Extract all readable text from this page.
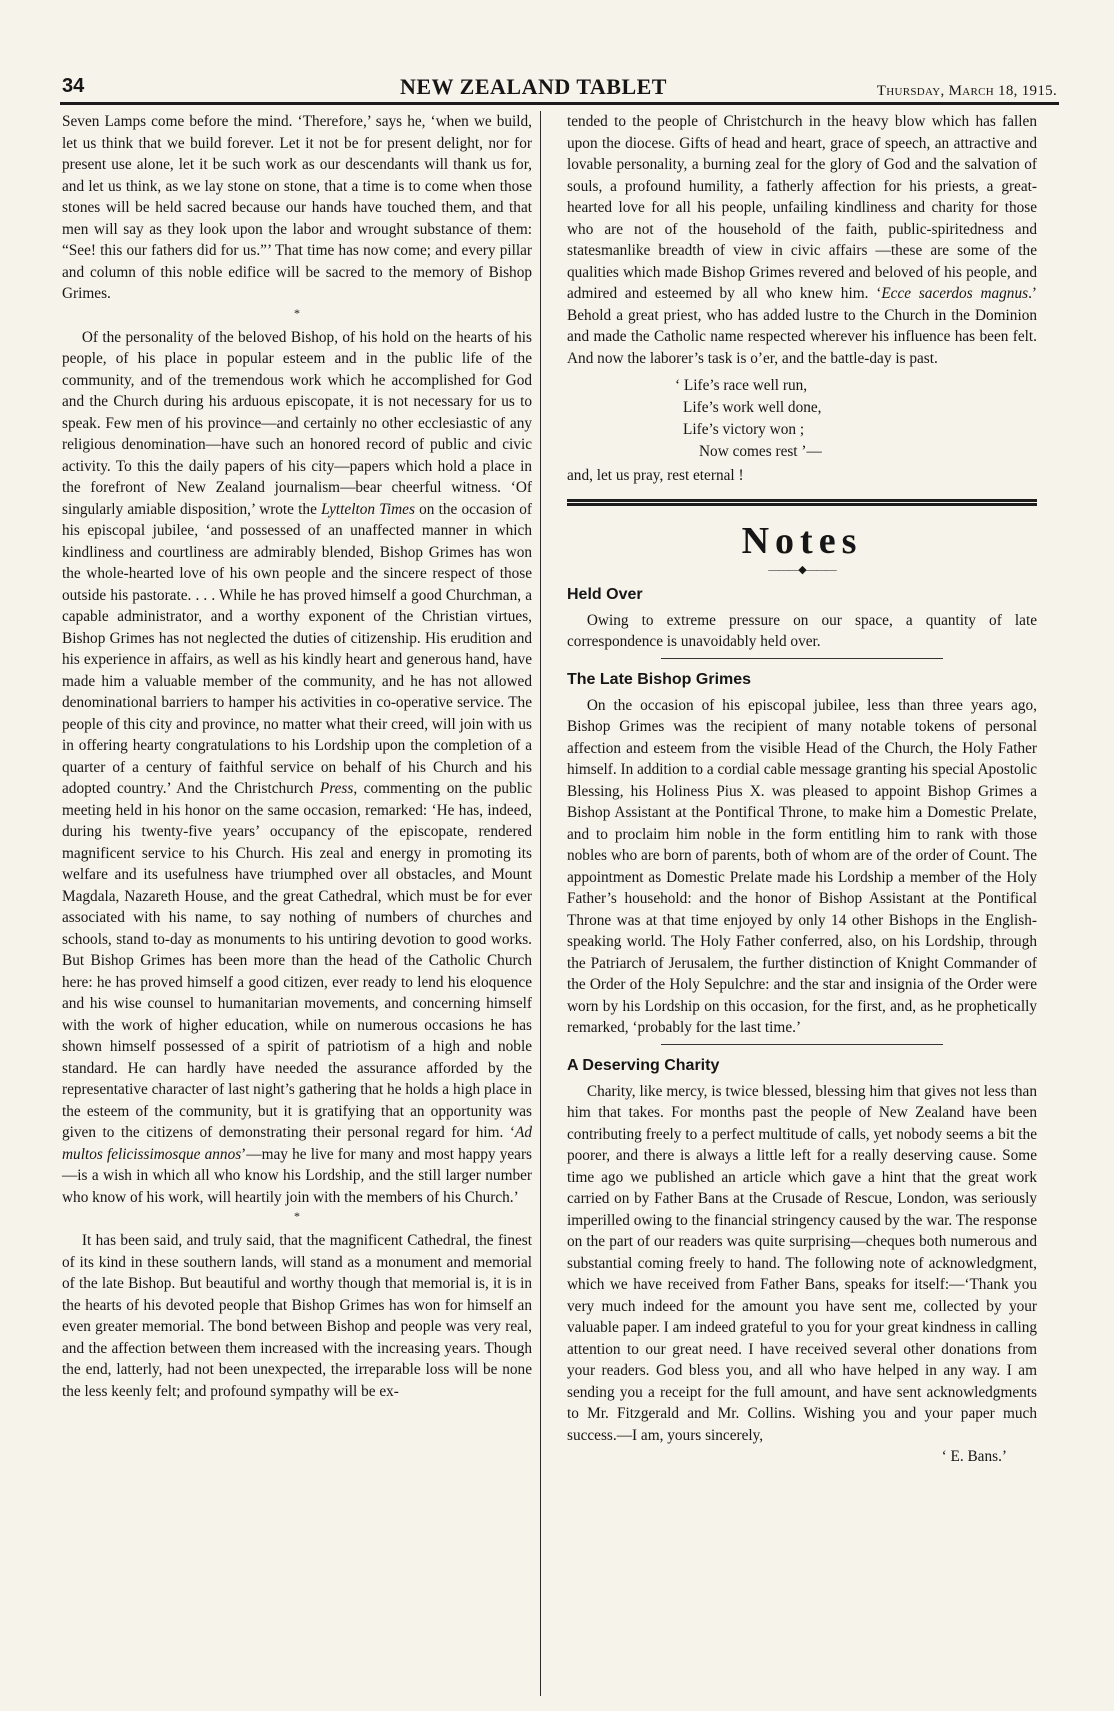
34	NEW ZEALAND TABLET	Thursday, March 18, 1915.

Seven Lamps come before the mind. ‘Therefore,’ says he, ‘when we build, let us think that we build forever. Let it not be for present delight, nor for present use alone, let it be such work as our descendants will thank us for, and let us think, as we lay stone on stone, that a time is to come when those stones will be held sacred because our hands have touched them, and that men will say as they look upon the labor and wrought substance of them: “See! this our fathers did for us.”’ That time has now come; and every pillar and column of this noble edifice will be sacred to the memory of Bishop Grimes.

*

Of the personality of the beloved Bishop, of his hold on the hearts of his people, of his place in popular esteem and in the public life of the community, and of the tremendous work which he accomplished for God and the Church during his arduous episcopate, it is not necessary for us to speak. Few men of his province—and certainly no other ecclesiastic of any religious denomination—have such an honored record of public and civic activity. To this the daily papers of his city—papers which hold a place in the forefront of New Zealand journalism—bear cheerful witness. ‘Of singularly amiable disposition,’ wrote the Lyttelton Times on the occasion of his episcopal jubilee, ‘and possessed of an unaffected manner in which kindliness and courtliness are admirably blended, Bishop Grimes has won the whole-hearted love of his own people and the sincere respect of those outside his pastorate. . . . While he has proved himself a good Churchman, a capable administrator, and a worthy exponent of the Christian virtues, Bishop Grimes has not neglected the duties of citizenship. His erudition and his experience in affairs, as well as his kindly heart and generous hand, have made him a valuable member of the community, and he has not allowed denominational barriers to hamper his activities in co-operative service. The people of this city and province, no matter what their creed, will join with us in offering hearty congratulations to his Lordship upon the completion of a quarter of a century of faithful service on behalf of his Church and his adopted country.’ And the Christchurch Press, commenting on the public meeting held in his honor on the same occasion, remarked: ‘He has, indeed, during his twenty-five years’ occupancy of the episcopate, rendered magnificent service to his Church. His zeal and energy in promoting its welfare and its usefulness have triumphed over all obstacles, and Mount Magdala, Nazareth House, and the great Cathedral, which must be for ever associated with his name, to say nothing of numbers of churches and schools, stand to-day as monuments to his untiring devotion to good works. But Bishop Grimes has been more than the head of the Catholic Church here: he has proved himself a good citizen, ever ready to lend his eloquence and his wise counsel to humanitarian movements, and concerning himself with the work of higher education, while on numerous occasions he has shown himself possessed of a spirit of patriotism of a high and noble standard. He can hardly have needed the assurance afforded by the representative character of last night’s gathering that he holds a high place in the esteem of the community, but it is gratifying that an opportunity was given to the citizens of demonstrating their personal regard for him. ‘Ad multos felicissimosque annos’—may he live for many and most happy years—is a wish in which all who know his Lordship, and the still larger number who know of his work, will heartily join with the members of his Church.’

*

It has been said, and truly said, that the magnificent Cathedral, the finest of its kind in these southern lands, will stand as a monument and memorial of the late Bishop. But beautiful and worthy though that memorial is, it is in the hearts of his devoted people that Bishop Grimes has won for himself an even greater memorial. The bond between Bishop and people was very real, and the affection between them increased with the increasing years. Though the end, latterly, had not been unexpected, the irreparable loss will be none the less keenly felt; and profound sympathy will be ex-

tended to the people of Christchurch in the heavy blow which has fallen upon the diocese. Gifts of head and heart, grace of speech, an attractive and lovable personality, a burning zeal for the glory of God and the salvation of souls, a profound humility, a fatherly affection for his priests, a great-hearted love for all his people, unfailing kindliness and charity for those who are not of the household of the faith, public-spiritedness and statesmanlike breadth of view in civic affairs —these are some of the qualities which made Bishop Grimes revered and beloved of his people, and admired and esteemed by all who knew him. ‘Ecce sacerdos magnus.’ Behold a great priest, who has added lustre to the Church in the Dominion and made the Catholic name respected wherever his influence has been felt. And now the laborer’s task is o’er, and the battle-day is past.

‘ Life’s race well run,
Life’s work well done,
Life’s victory won ;
Now comes rest ’—

and, let us pray, rest eternal !

Notes
———◆———
Held Over

Owing to extreme pressure on our space, a quantity of late correspondence is unavoidably held over.

The Late Bishop Grimes

On the occasion of his episcopal jubilee, less than three years ago, Bishop Grimes was the recipient of many notable tokens of personal affection and esteem from the visible Head of the Church, the Holy Father himself. In addition to a cordial cable message granting his special Apostolic Blessing, his Holiness Pius X. was pleased to appoint Bishop Grimes a Bishop Assistant at the Pontifical Throne, to make him a Domestic Prelate, and to proclaim him noble in the form entitling him to rank with those nobles who are born of parents, both of whom are of the order of Count. The appointment as Domestic Prelate made his Lordship a member of the Holy Father’s household: and the honor of Bishop Assistant at the Pontifical Throne was at that time enjoyed by only 14 other Bishops in the English-speaking world. The Holy Father conferred, also, on his Lordship, through the Patriarch of Jerusalem, the further distinction of Knight Commander of the Order of the Holy Sepulchre: and the star and insignia of the Order were worn by his Lordship on this occasion, for the first, and, as he prophetically remarked, ‘probably for the last time.’

A Deserving Charity

Charity, like mercy, is twice blessed, blessing him that gives not less than him that takes. For months past the people of New Zealand have been contributing freely to a perfect multitude of calls, yet nobody seems a bit the poorer, and there is always a little left for a really deserving cause. Some time ago we published an article which gave a hint that the great work carried on by Father Bans at the Crusade of Rescue, London, was seriously imperilled owing to the financial stringency caused by the war. The response on the part of our readers was quite surprising—cheques both numerous and substantial coming freely to hand. The following note of acknowledgment, which we have received from Father Bans, speaks for itself:—‘Thank you very much indeed for the amount you have sent me, collected by your valuable paper. I am indeed grateful to you for your great kindness in calling attention to our great need. I have received several other donations from your readers. God bless you, and all who have helped in any way. I am sending you a receipt for the full amount, and have sent acknowledgments to Mr. Fitzgerald and Mr. Collins. Wishing you and your paper much success.—I am, yours sincerely,

‘ E. Bans.’
